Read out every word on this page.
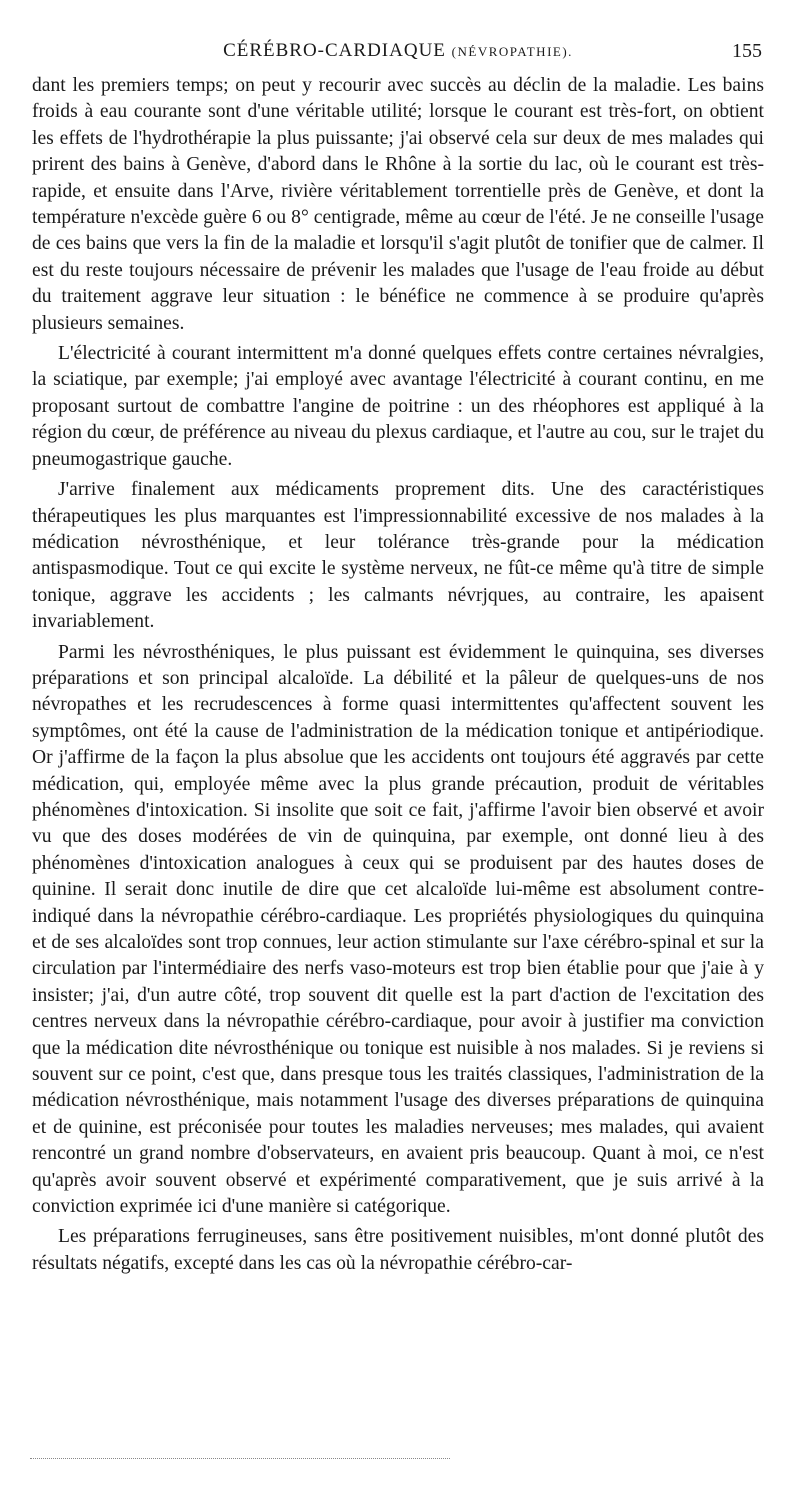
CÉRÉBRO-CARDIAQUE (NÉVROPATHIE).	155

dant les premiers temps; on peut y recourir avec succès au déclin de la maladie. Les bains froids à eau courante sont d'une véritable utilité; lorsque le courant est très-fort, on obtient les effets de l'hydrothérapie la plus puissante; j'ai observé cela sur deux de mes malades qui prirent des bains à Genève, d'abord dans le Rhône à la sortie du lac, où le courant est très-rapide, et ensuite dans l'Arve, rivière véritablement torrentielle près de Genève, et dont la température n'excède guère 6 ou 8° centigrade, même au cœur de l'été. Je ne conseille l'usage de ces bains que vers la fin de la maladie et lorsqu'il s'agit plutôt de tonifier que de calmer. Il est du reste toujours nécessaire de prévenir les malades que l'usage de l'eau froide au début du traitement aggrave leur situation : le bénéfice ne commence à se produire qu'après plusieurs semaines.

L'électricité à courant intermittent m'a donné quelques effets contre certaines névralgies, la sciatique, par exemple; j'ai employé avec avantage l'électricité à courant continu, en me proposant surtout de combattre l'angine de poitrine : un des rhéophores est appliqué à la région du cœur, de préférence au niveau du plexus cardiaque, et l'autre au cou, sur le trajet du pneumogastrique gauche.

J'arrive finalement aux médicaments proprement dits. Une des caractéristiques thérapeutiques les plus marquantes est l'impressionnabilité excessive de nos malades à la médication névrosthénique, et leur tolérance très-grande pour la médication antispasmodique. Tout ce qui excite le système nerveux, ne fût-ce même qu'à titre de simple tonique, aggrave les accidents ; les calmants névrjques, au contraire, les apaisent invariablement.

Parmi les névrosthéniques, le plus puissant est évidemment le quinquina, ses diverses préparations et son principal alcaloïde. La débilité et la pâleur de quelques-uns de nos névropathes et les recrudescences à forme quasi intermittentes qu'affectent souvent les symptômes, ont été la cause de l'administration de la médication tonique et antipériodique. Or j'affirme de la façon la plus absolue que les accidents ont toujours été aggravés par cette médication, qui, employée même avec la plus grande précaution, produit de véritables phénomènes d'intoxication. Si insolite que soit ce fait, j'affirme l'avoir bien observé et avoir vu que des doses modérées de vin de quinquina, par exemple, ont donné lieu à des phénomènes d'intoxication analogues à ceux qui se produisent par des hautes doses de quinine. Il serait donc inutile de dire que cet alcaloïde lui-même est absolument contre-indiqué dans la névropathie cérébro-cardiaque. Les propriétés physiologiques du quinquina et de ses alcaloïdes sont trop connues, leur action stimulante sur l'axe cérébro-spinal et sur la circulation par l'intermédiaire des nerfs vaso-moteurs est trop bien établie pour que j'aie à y insister; j'ai, d'un autre côté, trop souvent dit quelle est la part d'action de l'excitation des centres nerveux dans la névropathie cérébro-cardiaque, pour avoir à justifier ma conviction que la médication dite névrosthénique ou tonique est nuisible à nos malades. Si je reviens si souvent sur ce point, c'est que, dans presque tous les traités classiques, l'administration de la médication névrosthénique, mais notamment l'usage des diverses préparations de quinquina et de quinine, est préconisée pour toutes les maladies nerveuses; mes malades, qui avaient rencontré un grand nombre d'observateurs, en avaient pris beaucoup. Quant à moi, ce n'est qu'après avoir souvent observé et expérimenté comparativement, que je suis arrivé à la conviction exprimée ici d'une manière si catégorique.

Les préparations ferrugineuses, sans être positivement nuisibles, m'ont donné plutôt des résultats négatifs, excepté dans les cas où la névropathie cérébro-car-
